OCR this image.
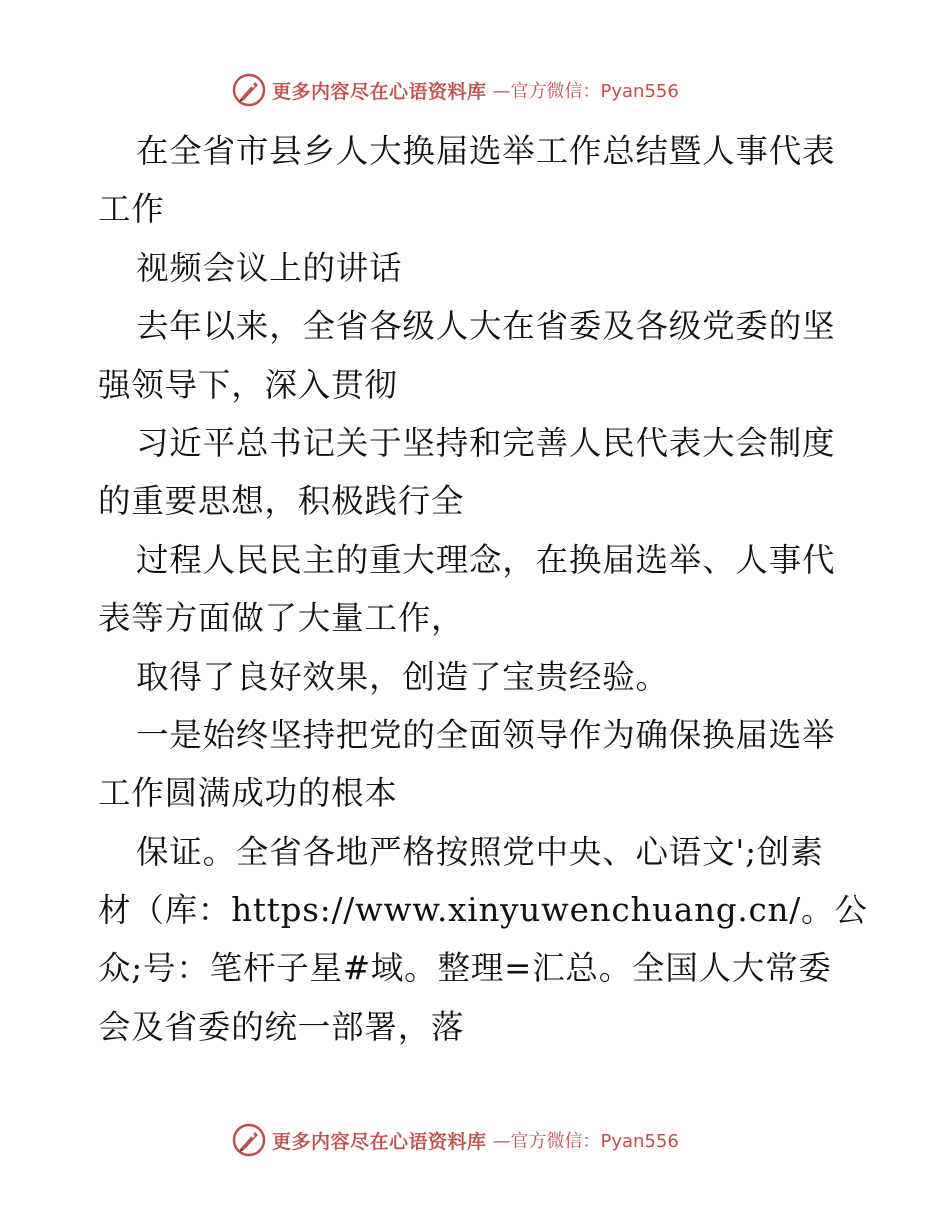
更多内容尽在心语资料库 —官方微信：Pyan556
在全省市县乡人大换届选举工作总结暨人事代表
工作
视频会议上的讲话
去年以来，全省各级人大在省委及各级党委的坚
强领导下，深入贯彻
习近平总书记关于坚持和完善人民代表大会制度
的重要思想，积极践行全
过程人民民主的重大理念，在换届选举、人事代
表等方面做了大量工作，
取得了良好效果，创造了宝贵经验。
一是始终坚持把党的全面领导作为确保换届选举
工作圆满成功的根本
保证。全省各地严格按照党中央、心语文';创素
材（库：https://www.xinyuwenchuang.cn/。公
众;号：笔杆子星#域。整理=汇总。全国人大常委
会及省委的统一部署，落
更多内容尽在心语资料库 —官方微信：Pyan556
